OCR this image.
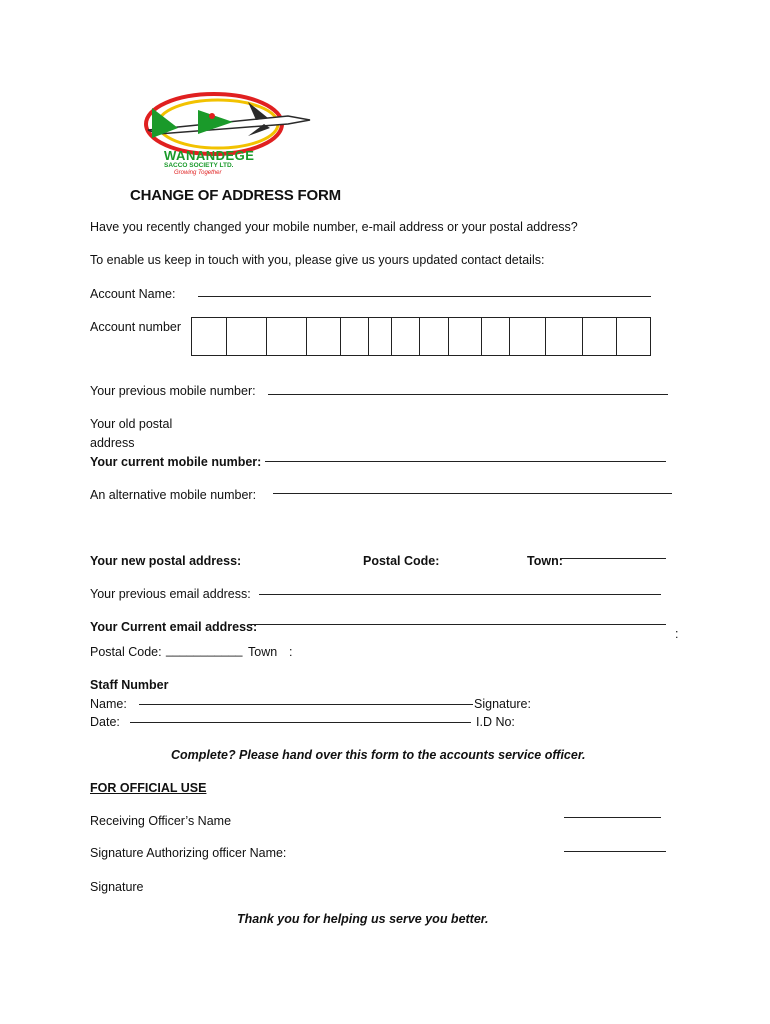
WANANDEGE
SACCO SOCIETY LTD.
Growing Together
CHANGE OF ADDRESS FORM
Have you recently changed your mobile number, e-mail address or your postal address?
To enable us keep in touch with you, please give us yours updated contact details:
Account Name:
Account number
Your previous mobile number:
Your old postal
address
Your current mobile number:
An alternative mobile number:
Your new postal address:	Postal Code:	Town:
Your previous email address:
Your Current email address:	:
Postal Code: ___________ Town :
Staff Number
Name:	Signature:
Date:	I.D No:
Complete? Please hand over this form to the accounts service officer.
FOR OFFICIAL USE
Receiving Officer’s Name
Signature Authorizing officer Name:
Signature
Thank you for helping us serve you better.
